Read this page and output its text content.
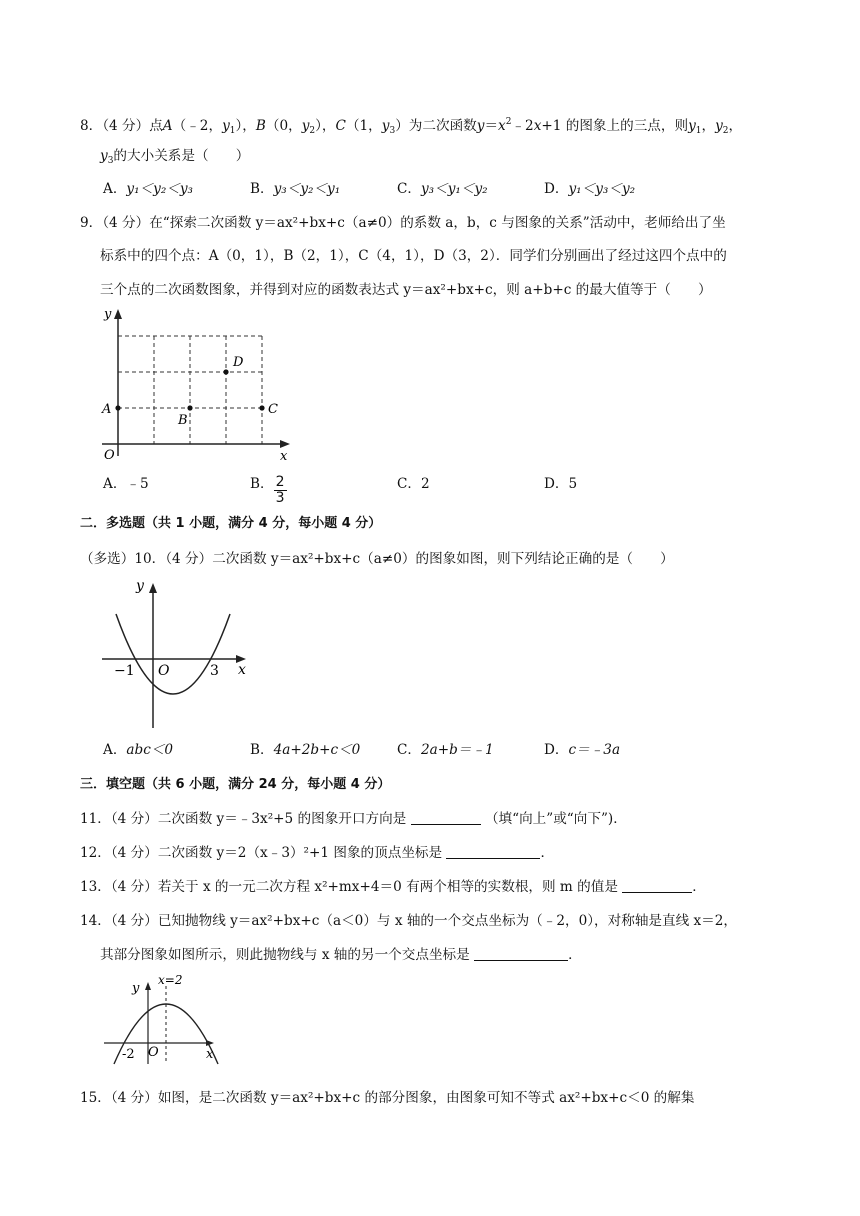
8．（4 分）点A（﹣2，$y_1$），B（0，$y_2$），C（1，$y_3$）为二次函数$y=x^2﹣2x+1$ 的图象上的三点，则$y_1$，$y_2$，
$y_3$的大小关系是（　　）
A．y₁＜y₂＜y₃	B．y₃＜y₂＜y₁	C．y₃＜y₁＜y₂	D．y₁＜y₃＜y₂
9．（4 分）在“探索二次函数 y＝ax²+bx+c（a≠0）的系数 a，b，c 与图象的关系”活动中，老师给出了坐
标系中的四个点：A（0，1），B（2，1），C（4，1），D（3，2）．同学们分别画出了经过这四个点中的
三个点的二次函数图象，并得到对应的函数表达式 y＝ax²+bx+c，则 a+b+c 的最大值等于（　　）
y
x
O
A
B
C
D
A．﹣5	B． $\frac{2}{3}$	C．2	D．5
二．多选题（共 1 小题，满分 4 分，每小题 4 分）
（多选）10．（4 分）二次函数 y＝ax²+bx+c（a≠0）的图象如图，则下列结论正确的是（　　）
y
x
O
−1	3
A．abc＜0	B．4a+2b+c＜0	C．2a+b＝﹣1	D．c＝﹣3a
三．填空题（共 6 小题，满分 24 分，每小题 4 分）
11．（4 分）二次函数 y＝﹣3x²+5 的图象开口方向是	（填“向上”或“向下”)．
12．（4 分）二次函数 y＝2（x﹣3）²+1 图象的顶点坐标是	．
13．（4 分）若关于 x 的一元二次方程 x²+mx+4＝0 有两个相等的实数根，则 m 的值是	．
14．（4 分）已知抛物线 y＝ax²+bx+c（a＜0）与 x 轴的一个交点坐标为（﹣2，0），对称轴是直线 x＝2，
其部分图象如图所示，则此抛物线与 x 轴的另一个交点坐标是	．
y
x=2
x
O
-2
15．（4 分）如图，是二次函数 y＝ax²+bx+c 的部分图象，由图象可知不等式 ax²+bx+c＜0 的解集
